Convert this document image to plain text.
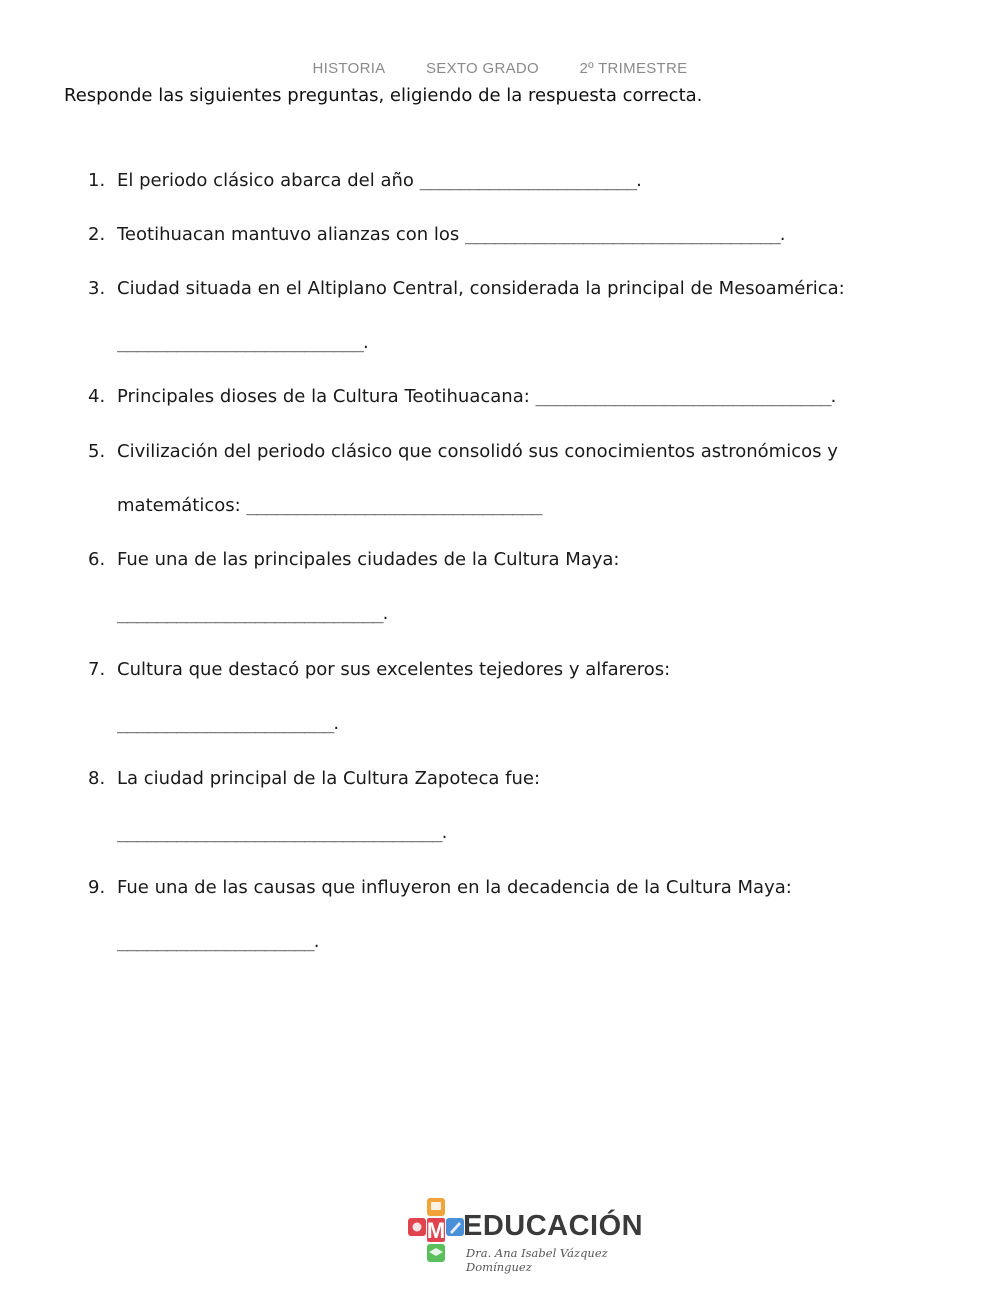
HISTORIA	SEXTO GRADO	2º TRIMESTRE
Responde las siguientes preguntas, eligiendo de la respuesta correcta.
1. El periodo clásico abarca del año ______________________.
2. Teotihuacan mantuvo alianzas con los ________________________________.
3. Ciudad situada en el Altiplano Central, considerada la principal de Mesoamérica:
_________________________.
4. Principales dioses de la Cultura Teotihuacana: ______________________________.
5. Civilización del periodo clásico que consolidó sus conocimientos astronómicos y
matemáticos: ______________________________
6. Fue una de las principales ciudades de la Cultura Maya:
___________________________.
7. Cultura que destacó por sus excelentes tejedores y alfareros:
______________________.
8. La ciudad principal de la Cultura Zapoteca fue:
_________________________________.
9. Fue una de las causas que influyeron en la decadencia de la Cultura Maya:
____________________.
M EDUCACIÓN
Dra. Ana Isabel Vázquez Domínguez
